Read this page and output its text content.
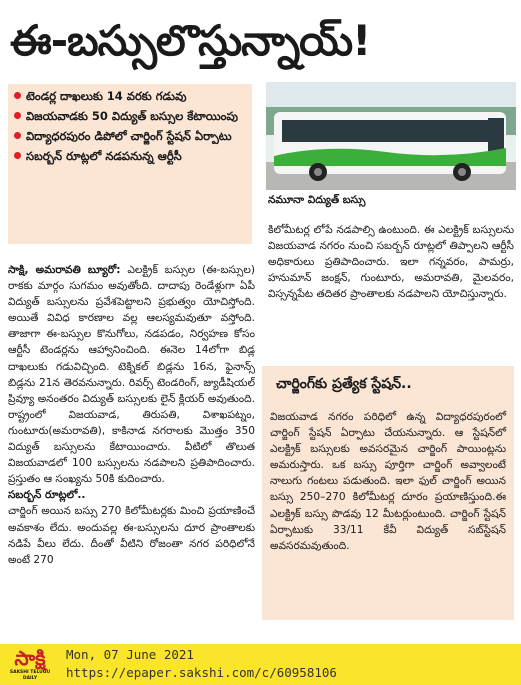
ఈ-బస్సులొస్తున్నాయ్!
టెండర్ల దాఖలుకు 14 వరకు గడువు
విజయవాడకు 50 విద్యుత్ బస్సుల కేటాయింపు
విద్యాధరపురం డిపోలో చార్జింగ్ స్టేషన్ ఏర్పాటు
సబర్బన్ రూట్లలో నడపనున్న ఆర్టీసీ
నమూనా విద్యుత్ బస్సు

సాక్షి, అమరావతి బ్యూరో: ఎలక్ట్రిక్ బస్సుల (ఈ-బస్సుల) రాకకు మార్గం సుగమం అవుతోంది. దాదాపు రెండేళ్లుగా ఏపీ విద్యుత్ బస్సులను ప్రవేశపెట్టాలని ప్రభుత్వం యోచిస్తోంది. అయితే వివిధ కారణాల వల్ల ఆలస్యమవుతూ వస్తోంది. తాజాగా ఈ-బస్సుల కొనుగోలు, నడపడం, నిర్వహణ కోసం ఆర్టీసీ టెండర్లను ఆహ్వానించింది. ఈనెల 14లోగా బిడ్ల దాఖలుకు గడువిచ్చింది. టెక్నికల్ బిడ్లను 16న, ఫైనాన్స్ బిడ్లను 21న తెరవనున్నారు. రివర్స్ టెండరింగ్, జ్యుడీషియల్ ప్రివ్యూ అనంతరం విద్యుత్ బస్సులకు లైన్ క్లియర్ అవుతుంది. రాష్ట్రంలో విజయవాడ, తిరుపతి, విశాఖపట్నం, గుంటూరు(అమరావతి), కాకినాడ నగరాలకు మొత్తం 350 విద్యుత్ బస్సులను కేటాయించారు. వీటిలో తొలుత విజయవాడలో 100 బస్సులను నడపాలని ప్రతిపాదించారు. ప్రస్తుతం ఆ సంఖ్యను 50కి కుదించారు.

సబర్బన్ రూట్లలో..

చార్జింగ్ అయిన బస్సు 270 కిలోమీటర్లకు మించి ప్రయాణించే అవకాశం లేదు. అందువల్ల ఈ-బస్సులను దూర ప్రాంతాలకు నడిపే వీలు లేదు. దీంతో వీటిని రోజంతా నగర పరిధిలోనే అంటే 270

కిలోమీటర్ల లోపే నడపాల్సి ఉంటుంది. ఈ ఎలక్ట్రిక్ బస్సులను విజయవాడ నగరం నుంచి సబర్బన్ రూట్లలో తిప్పాలని ఆర్టీసీ అధికారులు ప్రతిపాదించారు. ఇలా గన్నవరం, పామర్రు, హనుమాన్ జంక్షన్, గుంటూరు, అమరావతి, మైలవరం, విస్సన్నపేట తదితర ప్రాంతాలకు నడపాలని యోచిస్తున్నారు.

చార్జింగ్‌కు ప్రత్యేక స్టేషన్..

విజయవాడ నగరం పరిధిలో ఉన్న విద్యాధరపురంలో చార్జింగ్ స్టేషన్ ఏర్పాటు చేయనున్నారు. ఆ స్టేషన్‌లో ఎలక్ట్రిక్ బస్సులకు అవసరమైన చార్జింగ్ పాయింట్లను అమరుస్తారు. ఒక బస్సు పూర్తిగా చార్జింగ్ అవ్వాలంటే నాలుగు గంటలు పడుతుంది. ఇలా ఫుల్ చార్జింగ్ అయిన బస్సు 250–270 కిలోమీటర్ల దూరం ప్రయాణిస్తుంది.ఈ ఎలక్ట్రిక్ బస్సు పొడవు 12 మీటర్లుంటుంది. చార్జింగ్ స్టేషన్ ఏర్పాటుకు 33/11 కేవీ విద్యుత్ సబ్‌స్టేషన్ అవసరమవుతుంది.

సాక్షి
SAKSHI TELUGU DAILY
Mon, 07 June 2021
https://epaper.sakshi.com/c/60958106
